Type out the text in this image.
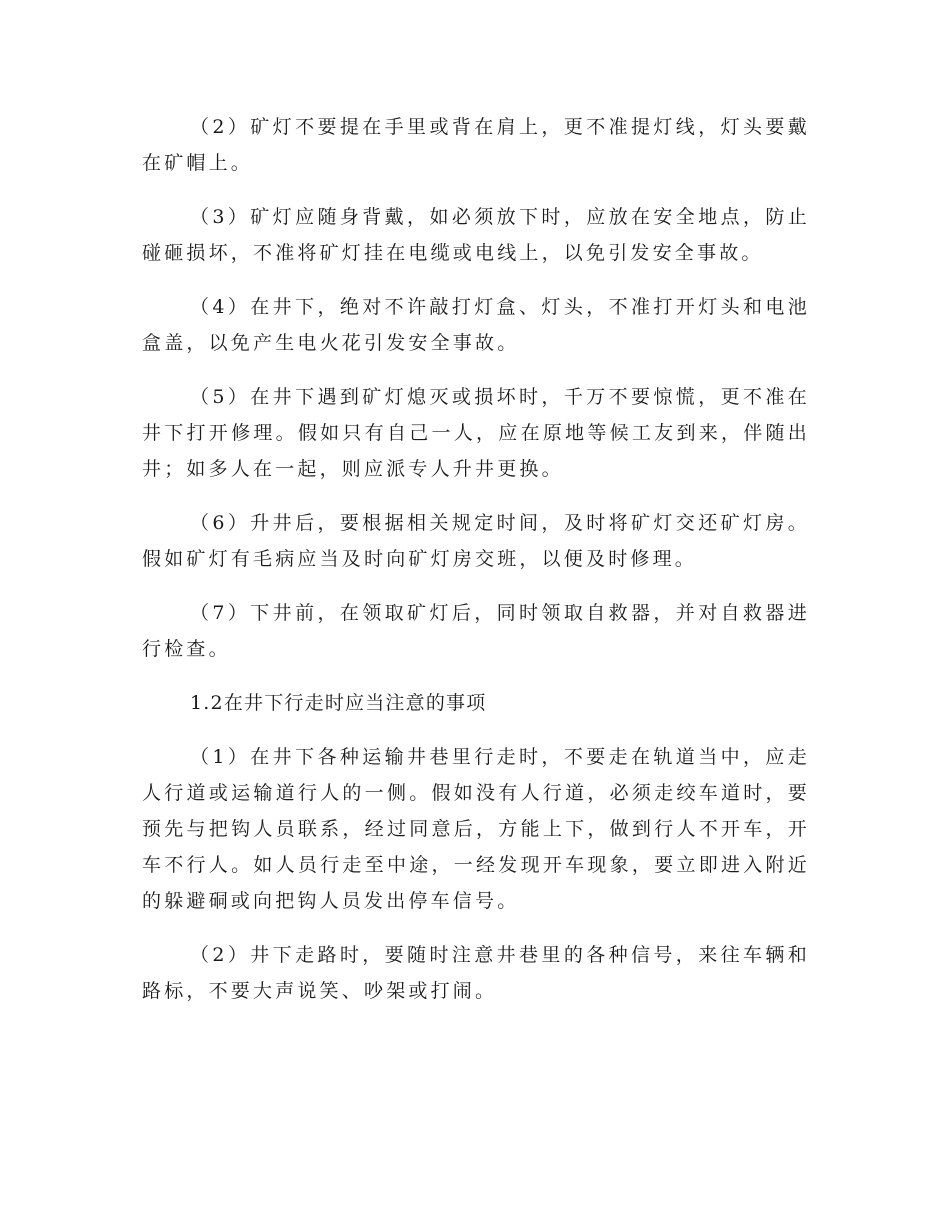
（2）矿灯不要提在手里或背在肩上，更不准提灯线，灯头要戴在矿帽上。

（3）矿灯应随身背戴，如必须放下时，应放在安全地点，防止碰砸损坏，不准将矿灯挂在电缆或电线上，以免引发安全事故。

（4）在井下，绝对不许敲打灯盒、灯头，不准打开灯头和电池盒盖，以免产生电火花引发安全事故。

（5）在井下遇到矿灯熄灭或损坏时，千万不要惊慌，更不准在井下打开修理。假如只有自己一人，应在原地等候工友到来，伴随出井；如多人在一起，则应派专人升井更换。

（6）升井后，要根据相关规定时间，及时将矿灯交还矿灯房。假如矿灯有毛病应当及时向矿灯房交班，以便及时修理。

（7）下井前，在领取矿灯后，同时领取自救器，并对自救器进行检查。

1.2在井下行走时应当注意的事项

（1）在井下各种运输井巷里行走时，不要走在轨道当中，应走人行道或运输道行人的一侧。假如没有人行道，必须走绞车道时，要预先与把钩人员联系，经过同意后，方能上下，做到行人不开车，开车不行人。如人员行走至中途，一经发现开车现象，要立即进入附近的躲避硐或向把钩人员发出停车信号。

（2）井下走路时，要随时注意井巷里的各种信号，来往车辆和路标，不要大声说笑、吵架或打闹。
